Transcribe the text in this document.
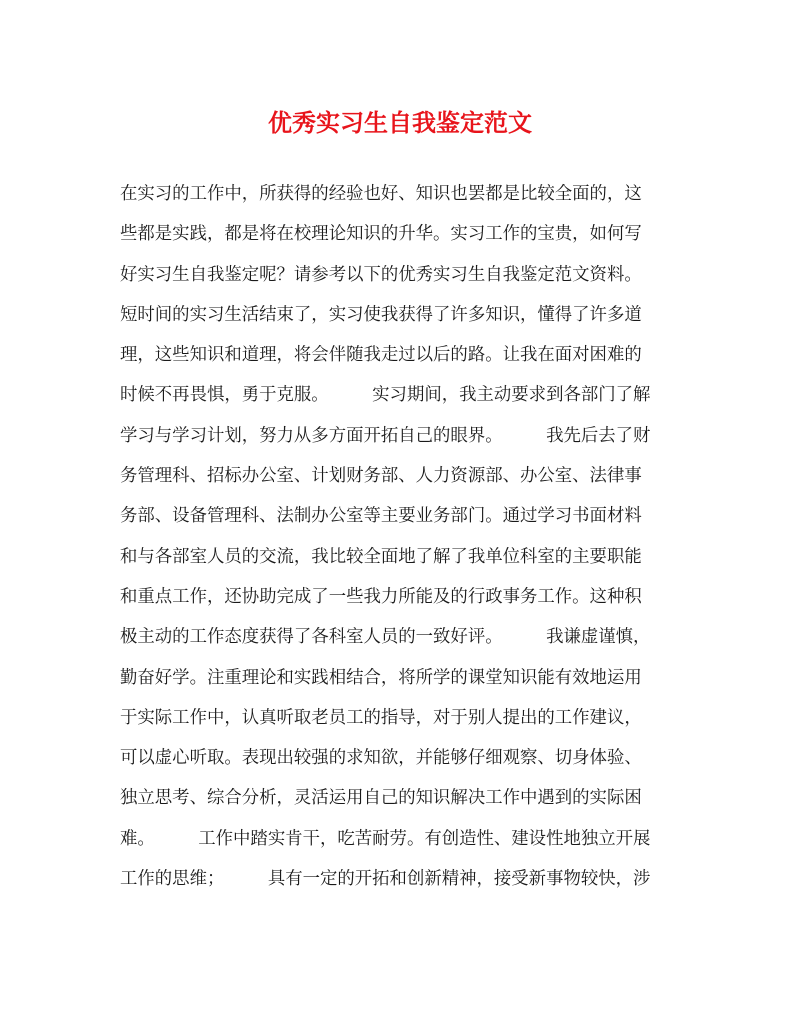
优秀实习生自我鉴定范文
在实习的工作中，所获得的经验也好、知识也罢都是比较全面的，这
些都是实践，都是将在校理论知识的升华。实习工作的宝贵，如何写
好实习生自我鉴定呢？请参考以下的优秀实习生自我鉴定范文资料。
短时间的实习生活结束了，实习使我获得了许多知识，懂得了许多道
理，这些知识和道理，将会伴随我走过以后的路。让我在面对困难的
时候不再畏惧，勇于克服。　　　实习期间，我主动要求到各部门了解
学习与学习计划，努力从多方面开拓自己的眼界。　　　我先后去了财
务管理科、招标办公室、计划财务部、人力资源部、办公室、法律事
务部、设备管理科、法制办公室等主要业务部门。通过学习书面材料
和与各部室人员的交流，我比较全面地了解了我单位科室的主要职能
和重点工作，还协助完成了一些我力所能及的行政事务工作。这种积
极主动的工作态度获得了各科室人员的一致好评。　　　我谦虚谨慎，
勤奋好学。注重理论和实践相结合，将所学的课堂知识能有效地运用
于实际工作中，认真听取老员工的指导，对于别人提出的工作建议，
可以虚心听取。表现出较强的求知欲，并能够仔细观察、切身体验、
独立思考、综合分析，灵活运用自己的知识解决工作中遇到的实际困
难。　　　工作中踏实肯干，吃苦耐劳。有创造性、建设性地独立开展
工作的思维；　　　具有一定的开拓和创新精神，接受新事物较快，涉
